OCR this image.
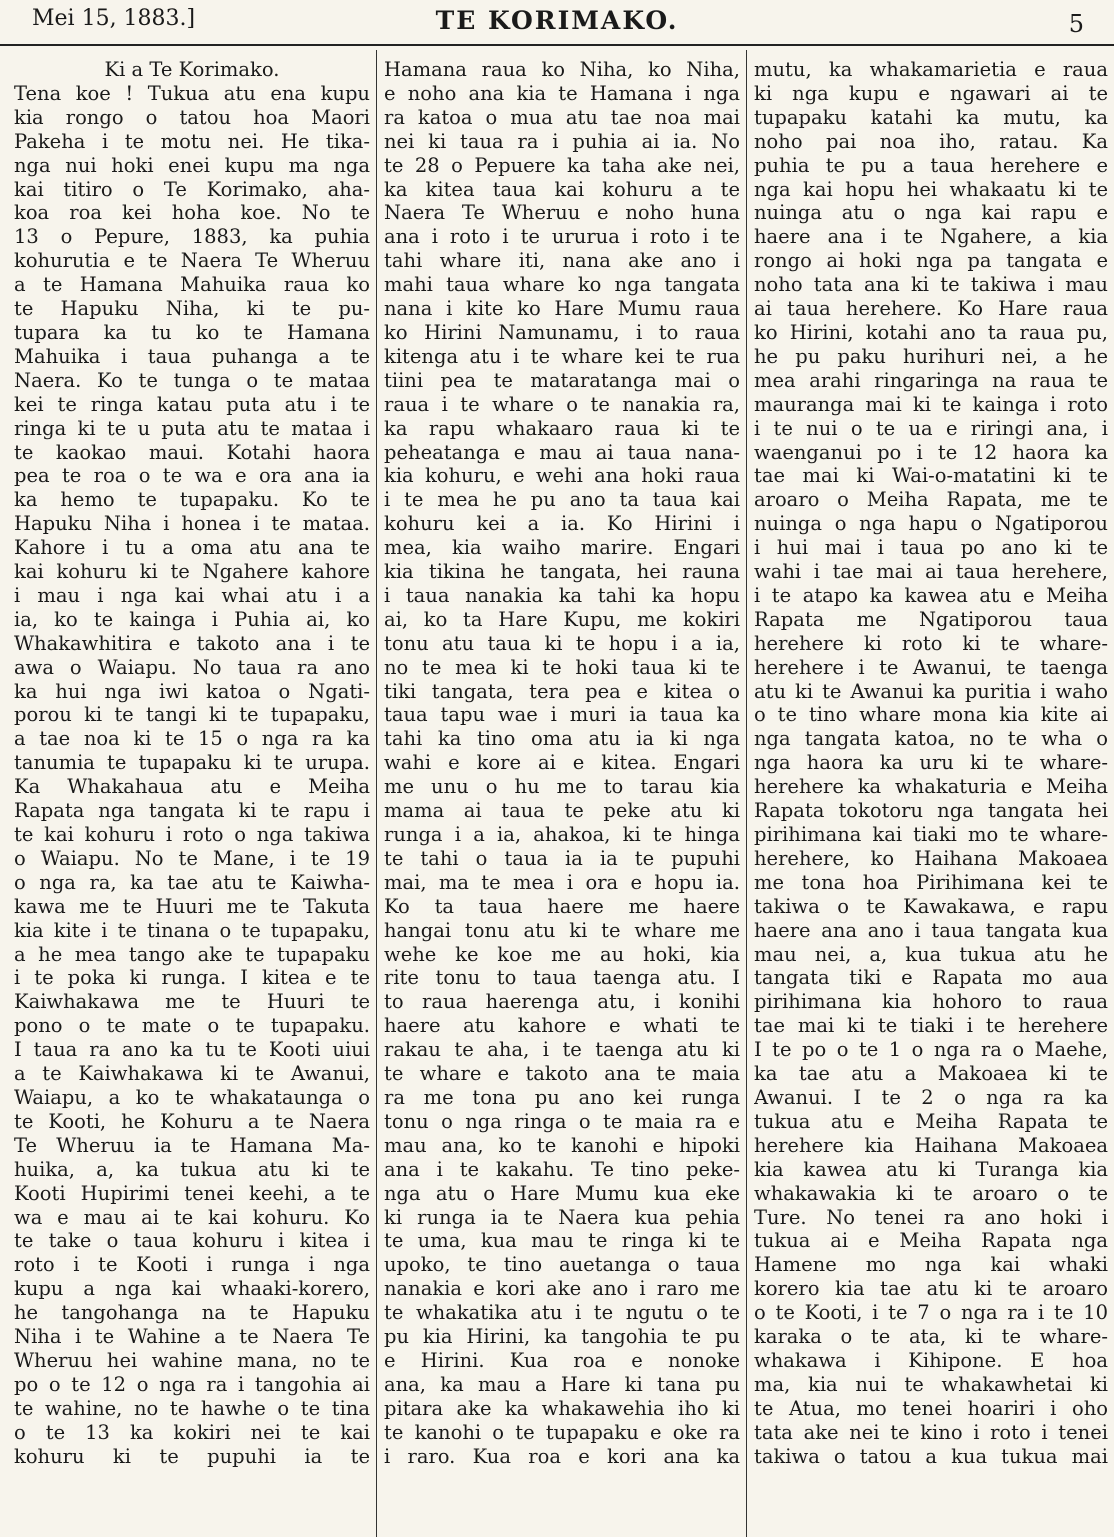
Mei 15, 1883.]	TE KORIMAKO.	5
Ki a Te Korimako.
Tena koe ! Tukua atu ena kupu
kia rongo o tatou hoa Maori
Pakeha i te motu nei. He tika-
nga nui hoki enei kupu ma nga
kai titiro o Te Korimako, aha-
koa roa kei hoha koe. No te
13 o Pepure, 1883, ka puhia
kohurutia e te Naera Te Wheruu
a te Hamana Mahuika raua ko
te Hapuku Niha, ki te pu-
tupara ka tu ko te Hamana
Mahuika i taua puhanga a te
Naera. Ko te tunga o te mataa
kei te ringa katau puta atu i te
ringa ki te u puta atu te mataa i
te kaokao maui. Kotahi haora
pea te roa o te wa e ora ana ia
ka hemo te tupapaku. Ko te
Hapuku Niha i honea i te mataa.
Kahore i tu a oma atu ana te
kai kohuru ki te Ngahere kahore
i mau i nga kai whai atu i a
ia, ko te kainga i Puhia ai, ko
Whakawhitira e takoto ana i te
awa o Waiapu. No taua ra ano
ka hui nga iwi katoa o Ngati-
porou ki te tangi ki te tupapaku,
a tae noa ki te 15 o nga ra ka
tanumia te tupapaku ki te urupa.
Ka Whakahaua atu e Meiha
Rapata nga tangata ki te rapu i
te kai kohuru i roto o nga takiwa
o Waiapu. No te Mane, i te 19
o nga ra, ka tae atu te Kaiwha-
kawa me te Huuri me te Takuta
kia kite i te tinana o te tupapaku,
a he mea tango ake te tupapaku
i te poka ki runga. I kitea e te
Kaiwhakawa me te Huuri te
pono o te mate o te tupapaku.
I taua ra ano ka tu te Kooti uiui
a te Kaiwhakawa ki te Awanui,
Waiapu, a ko te whakataunga o
te Kooti, he Kohuru a te Naera
Te Wheruu ia te Hamana Ma-
huika, a, ka tukua atu ki te
Kooti Hupirimi tenei keehi, a te
wa e mau ai te kai kohuru. Ko
te take o taua kohuru i kitea i
roto i te Kooti i runga i nga
kupu a nga kai whaaki-korero,
he tangohanga na te Hapuku
Niha i te Wahine a te Naera Te
Wheruu hei wahine mana, no te
po o te 12 o nga ra i tangohia ai
te wahine, no te hawhe o te tina
o te 13 ka kokiri nei te kai
kohuru ki te pupuhi ia te
Hamana raua ko Niha, ko Niha,
e noho ana kia te Hamana i nga
ra katoa o mua atu tae noa mai
nei ki taua ra i puhia ai ia. No
te 28 o Pepuere ka taha ake nei,
ka kitea taua kai kohuru a te
Naera Te Wheruu e noho huna
ana i roto i te ururua i roto i te
tahi whare iti, nana ake ano i
mahi taua whare ko nga tangata
nana i kite ko Hare Mumu raua
ko Hirini Namunamu, i to raua
kitenga atu i te whare kei te rua
tiini pea te mataratanga mai o
raua i te whare o te nanakia ra,
ka rapu whakaaro raua ki te
peheatanga e mau ai taua nana-
kia kohuru, e wehi ana hoki raua
i te mea he pu ano ta taua kai
kohuru kei a ia. Ko Hirini i
mea, kia waiho marire. Engari
kia tikina he tangata, hei rauna
i taua nanakia ka tahi ka hopu
ai, ko ta Hare Kupu, me kokiri
tonu atu taua ki te hopu i a ia,
no te mea ki te hoki taua ki te
tiki tangata, tera pea e kitea o
taua tapu wae i muri ia taua ka
tahi ka tino oma atu ia ki nga
wahi e kore ai e kitea. Engari
me unu o hu me to tarau kia
mama ai taua te peke atu ki
runga i a ia, ahakoa, ki te hinga
te tahi o taua ia ia te pupuhi
mai, ma te mea i ora e hopu ia.
Ko ta taua haere me haere
hangai tonu atu ki te whare me
wehe ke koe me au hoki, kia
rite tonu to taua taenga atu. I
to raua haerenga atu, i konihi
haere atu kahore e whati te
rakau te aha, i te taenga atu ki
te whare e takoto ana te maia
ra me tona pu ano kei runga
tonu o nga ringa o te maia ra e
mau ana, ko te kanohi e hipoki
ana i te kakahu. Te tino peke-
nga atu o Hare Mumu kua eke
ki runga ia te Naera kua pehia
te uma, kua mau te ringa ki te
upoko, te tino auetanga o taua
nanakia e kori ake ano i raro me
te whakatika atu i te ngutu o te
pu kia Hirini, ka tangohia te pu
e Hirini. Kua roa e nonoke
ana, ka mau a Hare ki tana pu
pitara ake ka whakawehia iho ki
te kanohi o te tupapaku e oke ra
i raro. Kua roa e kori ana ka
mutu, ka whakamarietia e raua
ki nga kupu e ngawari ai te
tupapaku katahi ka mutu, ka
noho pai noa iho, ratau. Ka
puhia te pu a taua herehere e
nga kai hopu hei whakaatu ki te
nuinga atu o nga kai rapu e
haere ana i te Ngahere, a kia
rongo ai hoki nga pa tangata e
noho tata ana ki te takiwa i mau
ai taua herehere. Ko Hare raua
ko Hirini, kotahi ano ta raua pu,
he pu paku hurihuri nei, a he
mea arahi ringaringa na raua te
mauranga mai ki te kainga i roto
i te nui o te ua e riringi ana, i
waenganui po i te 12 haora ka
tae mai ki Wai-o-matatini ki te
aroaro o Meiha Rapata, me te
nuinga o nga hapu o Ngatiporou
i hui mai i taua po ano ki te
wahi i tae mai ai taua herehere,
i te atapo ka kawea atu e Meiha
Rapata me Ngatiporou taua
herehere ki roto ki te whare-
herehere i te Awanui, te taenga
atu ki te Awanui ka puritia i waho
o te tino whare mona kia kite ai
nga tangata katoa, no te wha o
nga haora ka uru ki te whare-
herehere ka whakaturia e Meiha
Rapata tokotoru nga tangata hei
pirihimana kai tiaki mo te whare-
herehere, ko Haihana Makoaea
me tona hoa Pirihimana kei te
takiwa o te Kawakawa, e rapu
haere ana ano i taua tangata kua
mau nei, a, kua tukua atu he
tangata tiki e Rapata mo aua
pirihimana kia hohoro to raua
tae mai ki te tiaki i te herehere
I te po o te 1 o nga ra o Maehe,
ka tae atu a Makoaea ki te
Awanui. I te 2 o nga ra ka
tukua atu e Meiha Rapata te
herehere kia Haihana Makoaea
kia kawea atu ki Turanga kia
whakawakia ki te aroaro o te
Ture. No tenei ra ano hoki i
tukua ai e Meiha Rapata nga
Hamene mo nga kai whaki
korero kia tae atu ki te aroaro
o te Kooti, i te 7 o nga ra i te 10
karaka o te ata, ki te whare-
whakawa i Kihipone. E hoa
ma, kia nui te whakawhetai ki
te Atua, mo tenei hoariri i oho
tata ake nei te kino i roto i tenei
takiwa o tatou a kua tukua mai
